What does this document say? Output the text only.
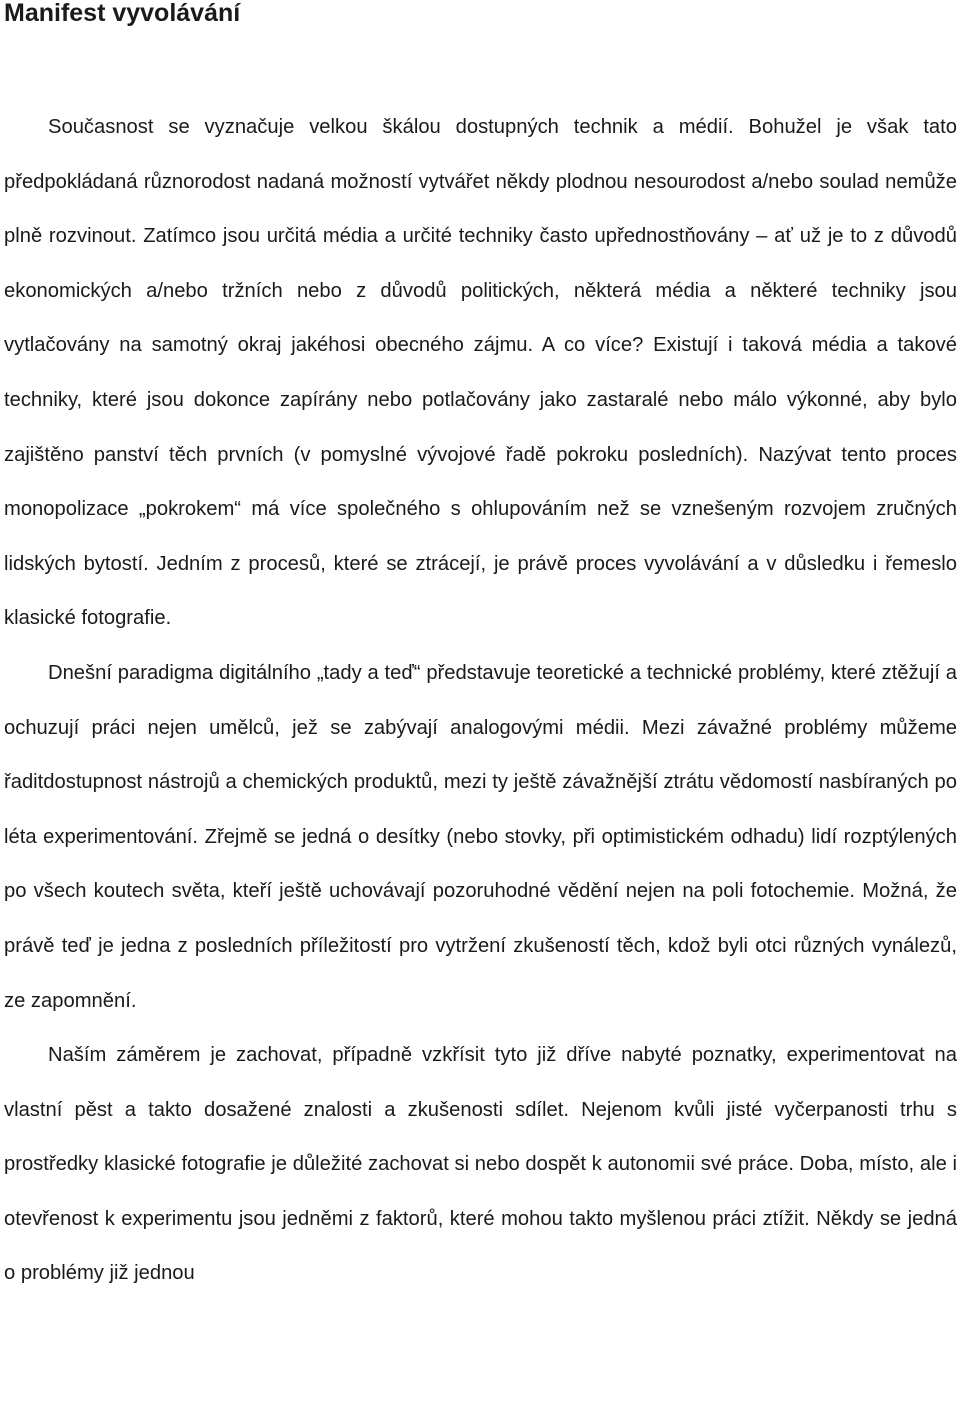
Manifest vyvolávání

Současnost se vyznačuje velkou škálou dostupných technik a médií. Bohužel je však tato předpokládaná různorodost nadaná možností vytvářet někdy plodnou nesourodost a/nebo soulad nemůže plně rozvinout. Zatímco jsou určitá média a určité techniky často upřednostňovány – ať už je to z důvodů ekonomických a/nebo tržních nebo z důvodů politických, některá média a některé techniky jsou vytlačovány na samotný okraj jakéhosi obecného zájmu. A co více? Existují i taková média a takové techniky, které jsou dokonce zapírány nebo potlačovány jako zastaralé nebo málo výkonné, aby bylo zajištěno panství těch prvních (v pomyslné vývojové řadě pokroku posledních). Nazývat tento proces monopolizace „pokrokem“ má více společného s ohlupováním než se vznešeným rozvojem zručných lidských bytostí. Jedním z procesů, které se ztrácejí, je právě proces vyvolávání a v důsledku i řemeslo klasické fotografie.

Dnešní paradigma digitálního „tady a teď“ představuje teoretické a technické problémy, které ztěžují a ochuzují práci nejen umělců, jež se zabývají analogovými médii. Mezi závažné problémy můžeme řaditdostupnost nástrojů a chemických produktů, mezi ty ještě závažnější ztrátu vědomostí nasbíraných po léta experimentování. Zřejmě se jedná o desítky (nebo stovky, při optimistickém odhadu) lidí rozptýlených po všech koutech světa, kteří ještě uchovávají pozoruhodné vědění nejen na poli fotochemie. Možná, že právě teď je jedna z posledních příležitostí pro vytržení zkušeností těch, kdož byli otci různých vynálezů, ze zapomnění.

Naším záměrem je zachovat, případně vzkřísit tyto již dříve nabyté poznatky, experimentovat na vlastní pěst a takto dosažené znalosti a zkušenosti sdílet. Nejenom kvůli jisté vyčerpanosti trhu s prostředky klasické fotografie je důležité zachovat si nebo dospět k autonomii své práce. Doba, místo, ale i otevřenost k experimentu jsou jedněmi z faktorů, které mohou takto myšlenou práci ztížit. Někdy se jedná o problémy již jednou
